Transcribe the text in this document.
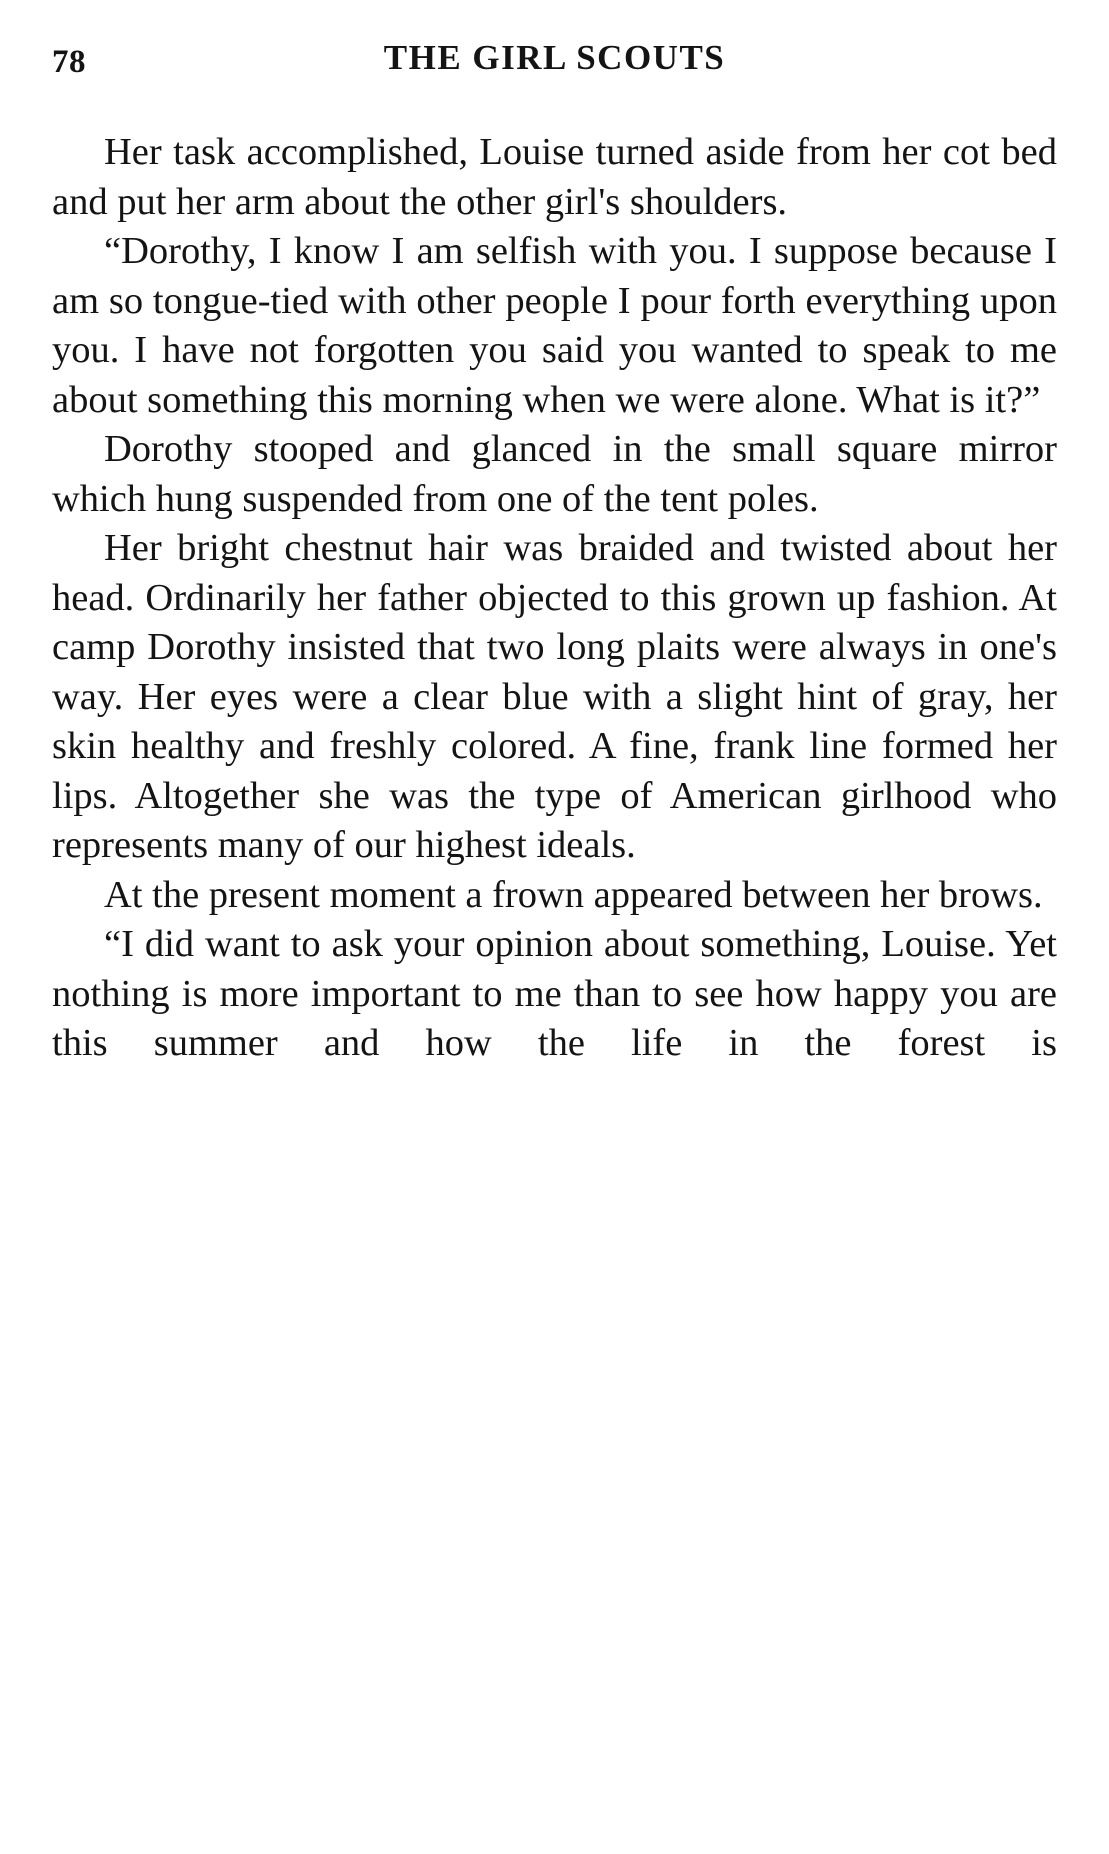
78	THE GIRL SCOUTS

Her task accomplished, Louise turned aside from her cot bed and put her arm about the other girl's shoulders.

“Dorothy, I know I am selfish with you. I suppose because I am so tongue-tied with other people I pour forth everything upon you. I have not forgotten you said you wanted to speak to me about something this morning when we were alone. What is it?”

Dorothy stooped and glanced in the small square mirror which hung suspended from one of the tent poles.

Her bright chestnut hair was braided and twisted about her head. Ordinarily her father objected to this grown up fashion. At camp Dorothy insisted that two long plaits were always in one's way. Her eyes were a clear blue with a slight hint of gray, her skin healthy and freshly colored. A fine, frank line formed her lips. Altogether she was the type of American girlhood who represents many of our highest ideals.

At the present moment a frown appeared between her brows.

“I did want to ask your opinion about something, Louise. Yet nothing is more important to me than to see how happy you are this summer and how the life in the forest is
